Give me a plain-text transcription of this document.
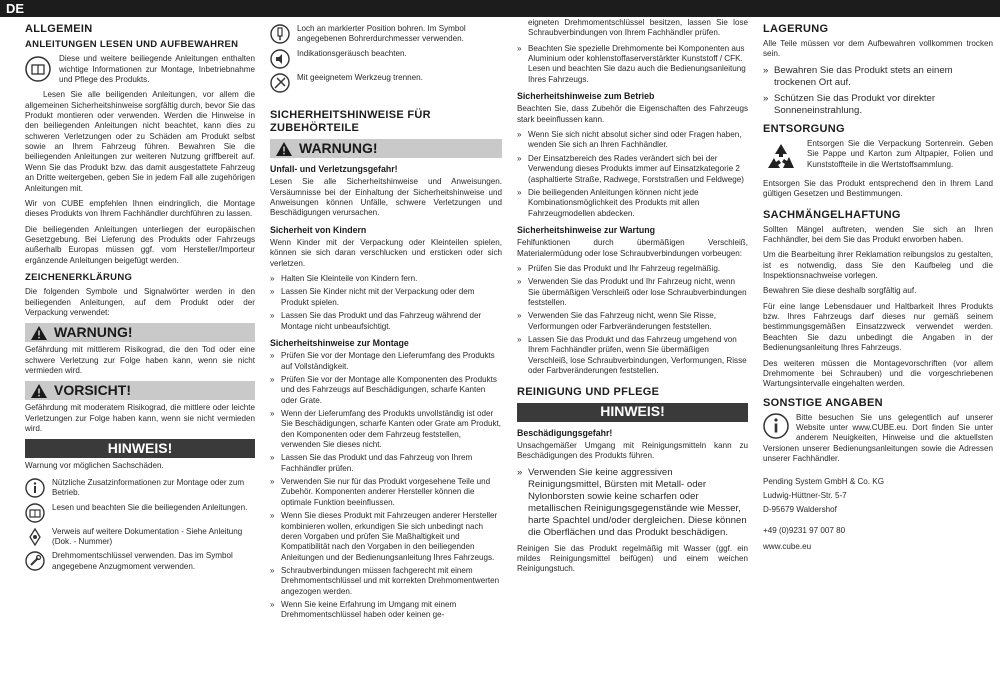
DE
ALLGEMEIN
ANLEITUNGEN LESEN UND AUFBEWAHREN

Diese und weitere beiliegende Anleitungen enthalten wichtige Informationen zur Montage, Inbetriebnahme und Pflege des Produkts.

Lesen Sie alle beiligenden Anleitungen, vor allem die allgemeinen Sicherheitshinweise sorgfältig durch, bevor Sie das Produkt montieren oder verwenden. Werden die Hinweise in den beiliegenden Anleitungen nicht beachtet, kann dies zu schweren Verletzungen oder zu Schäden am Produkt selbst sowie an Ihrem Fahrzeug führen. Bewahren Sie die beiliegenden Anleitungen zur weiteren Nutzung griffbereit auf. Wenn Sie das Produkt bzw. das damit ausgestattete Fahrzeug an Dritte weitergeben, geben Sie in jedem Fall alle zugehörigen Anleitungen mit.

Wir von CUBE empfehlen Ihnen eindringlich, die Montage dieses Produkts von Ihrem Fachhändler durchführen zu lassen.

Die beiliegenden Anleitungen unterliegen der europäischen Gesetzgebung. Bei Lieferung des Produkts oder Fahrzeugs außerhalb Europas müssen ggf. vom Hersteller/Importeur ergänzende Anleitungen beigefügt werden.

ZEICHENERKLÄRUNG

Die folgenden Symbole und Signalwörter werden in den beiliegenden Anleitungen, auf dem Produkt oder der Verpackung verwendet:

WARNUNG!

Gefährdung mit mittlerem Risikograd, die den Tod oder eine schwere Verletzung zur Folge haben kann, wenn sie nicht vermieden wird.

VORSICHT!

Gefährdung mit moderatem Risikograd, die mittlere oder leichte Verletzungen zur Folge haben kann, wenn sie nicht vermieden wird.

HINWEIS!

Warnung vor möglichen Sachschäden.

Nützliche Zusatzinformationen zur Montage oder zum Betrieb.
Lesen und beachten Sie die beiliegenden Anleitungen.
Verweis auf weitere Dokumentation - Siehe Anleitung (Dok. - Nummer)
Drehmomentschlüssel verwenden. Das im Symbol angegebene Anzugmoment verwenden.
Loch an markierter Position bohren. Im Symbol angegebenen Bohrerdurchmesser verwenden.
Indikationsgeräusch beachten.
Mit geeignetem Werkzeug trennen.
SICHERHEITSHINWEISE FÜR ZUBEHÖRTEILE
WARNUNG!
Unfall- und Verletzungsgefahr!

Lesen Sie alle Sicherheitshinweise und Anweisungen. Versäumnisse bei der Einhaltung der Sicherheitshinweise und Anweisungen können Unfälle, schwere Verletzungen und Beschädigungen verursachen.

Sicherheit von Kindern

Wenn Kinder mit der Verpackung oder Kleinteilen spielen, können sie sich daran verschlucken und ersticken oder sich verletzen.

» Halten Sie Kleinteile von Kindern fern.
» Lassen Sie Kinder nicht mit der Verpackung oder dem Produkt spielen.
» Lassen Sie das Produkt und das Fahrzeug während der Montage nicht unbeaufsichtigt.
Sicherheitshinweise zur Montage
» Prüfen Sie vor der Montage den Lieferumfang des Produkts auf Vollständigkeit.
» Prüfen Sie vor der Montage alle Komponenten des Produkts und des Fahrzeugs auf Beschädigungen, scharfe Kanten oder Grate.
» Wenn der Lieferumfang des Produkts unvollständig ist oder Sie Beschädigungen, scharfe Kanten oder Grate am Produkt, den Komponenten oder dem Fahrzeug feststellen, verwenden Sie dieses nicht.
» Lassen Sie das Produkt und das Fahrzeug von Ihrem Fachhändler prüfen.
» Verwenden Sie nur für das Produkt vorgesehene Teile und Zubehör. Komponenten anderer Hersteller können die optimale Funktion beeinflussen.
» Wenn Sie dieses Produkt mit Fahrzeugen anderer Hersteller kombinieren wollen, erkundigen Sie sich unbedingt nach deren Vorgaben und prüfen Sie Maßhaltigkeit und Kompatibilität nach den Vorgaben in den beiliegenden Anleitungen und der Bedienungsanleitung Ihres Fahrzeugs.
» Schraubverbindungen müssen fachgerecht mit einem Drehmomentschlüssel und mit korrekten Drehmomentwerten angezogen werden.
» Wenn Sie keine Erfahrung im Umgang mit einem Drehmomentschlüssel haben oder keinen ge-

eigneten Drehmomentschlüssel besitzen, lassen Sie lose Schraubverbindungen von Ihrem Fachhändler prüfen.

» Beachten Sie spezielle Drehmomente bei Komponenten aus Aluminium oder kohlenstoffaserverstärkter Kunststoff / CFK. Lesen und beachten Sie dazu auch die Bedienungsanleitung Ihres Fahrzeugs.
Sicherheitshinweise zum Betrieb

Beachten Sie, dass Zubehör die Eigenschaften des Fahrzeugs stark beeinflussen kann.

» Wenn Sie sich nicht absolut sicher sind oder Fragen haben, wenden Sie sich an Ihren Fachhändler.
» Der Einsatzbereich des Rades verändert sich bei der Verwendung dieses Produkts immer auf Einsatzkategorie 2 (asphaltierte Straße, Radwege, Forststraßen und Feldwege)
» Die beiliegenden Anleitungen können nicht jede Kombinationsmöglichkeit des Produkts mit allen Fahrzeugmodellen abdecken.
Sicherheitshinweise zur Wartung

Fehlfunktionen durch übermäßigen Verschleiß, Materialermüdung oder lose Schraubverbindungen vorbeugen:

» Prüfen Sie das Produkt und Ihr Fahrzeug regelmäßig.
» Verwenden Sie das Produkt und Ihr Fahrzeug nicht, wenn Sie übermäßigen Verschleiß oder lose Schraubverbindungen feststellen.
» Verwenden Sie das Fahrzeug nicht, wenn Sie Risse, Verformungen oder Farbveränderungen feststellen.
» Lassen Sie das Produkt und das Fahrzeug umgehend von Ihrem Fachhändler prüfen, wenn Sie übermäßigen Verschleiß, lose Schraubverbindungen, Verformungen, Risse oder Farbveränderungen feststellen.
REINIGUNG UND PFLEGE
HINWEIS!
Beschädigungsgefahr!

Unsachgemäßer Umgang mit Reinigungsmitteln kann zu Beschädigungen des Produkts führen.

» Verwenden Sie keine aggressiven Reinigungsmittel, Bürsten mit Metall- oder Nylonborsten sowie keine scharfen oder metallischen Reinigungsgegenstände wie Messer, harte Spachtel und/oder dergleichen. Diese können die Oberflächen und das Produkt beschädigen.

Reinigen Sie das Produkt regelmäßig mit Wasser (ggf. ein mildes Reinigungsmittel beifügen) und einem weichen Reinigungstuch.

LAGERUNG

Alle Teile müssen vor dem Aufbewahren vollkommen trocken sein.

» Bewahren Sie das Produkt stets an einem trockenen Ort auf.
» Schützen Sie das Produkt vor direkter Sonneneinstrahlung.
ENTSORGUNG

Entsorgen Sie die Verpackung Sortenrein. Geben Sie Pappe und Karton zum Altpapier, Folien und Kunststoffteile in die Wertstoffsammlung.

Entsorgen Sie das Produkt entsprechend den in Ihrem Land gültigen Gesetzen und Bestimmungen.

SACHMÄNGELHAFTUNG

Sollten Mängel auftreten, wenden Sie sich an Ihren Fachhändler, bei dem Sie das Produkt erworben haben.

Um die Bearbeitung ihrer Reklamation reibungslos zu gestalten, ist es notwendig, dass Sie den Kaufbeleg und die Inspektionsnachweise vorlegen.

Bewahren Sie diese deshalb sorgfältig auf.

Für eine lange Lebensdauer und Haltbarkeit Ihres Produkts bzw. Ihres Fahrzeugs darf dieses nur gemäß seinem bestimmungsgemäßen Einsatzzweck verwendet werden. Beachten Sie dazu unbedingt die Angaben in der Bedienungsanleitung Ihres Fahrzeugs.

Des weiteren müssen die Montagevorschriften (vor allem Drehmomente bei Schrauben) und die vorgeschriebenen Wartungsintervalle eingehalten werden.

SONSTIGE ANGABEN

Bitte besuchen Sie uns gelegentlich auf unserer Website unter www.CUBE.eu. Dort finden Sie unter anderem Neuigkeiten, Hinweise und die aktuellsten Versionen unserer Bedienungsanleitungen sowie die Adressen unserer Fachhändler.

Pending System GmbH & Co. KG
Ludwig-Hüttner-Str. 5-7
D-95679 Waldershof
+49 (0)9231 97 007 80
www.cube.eu
